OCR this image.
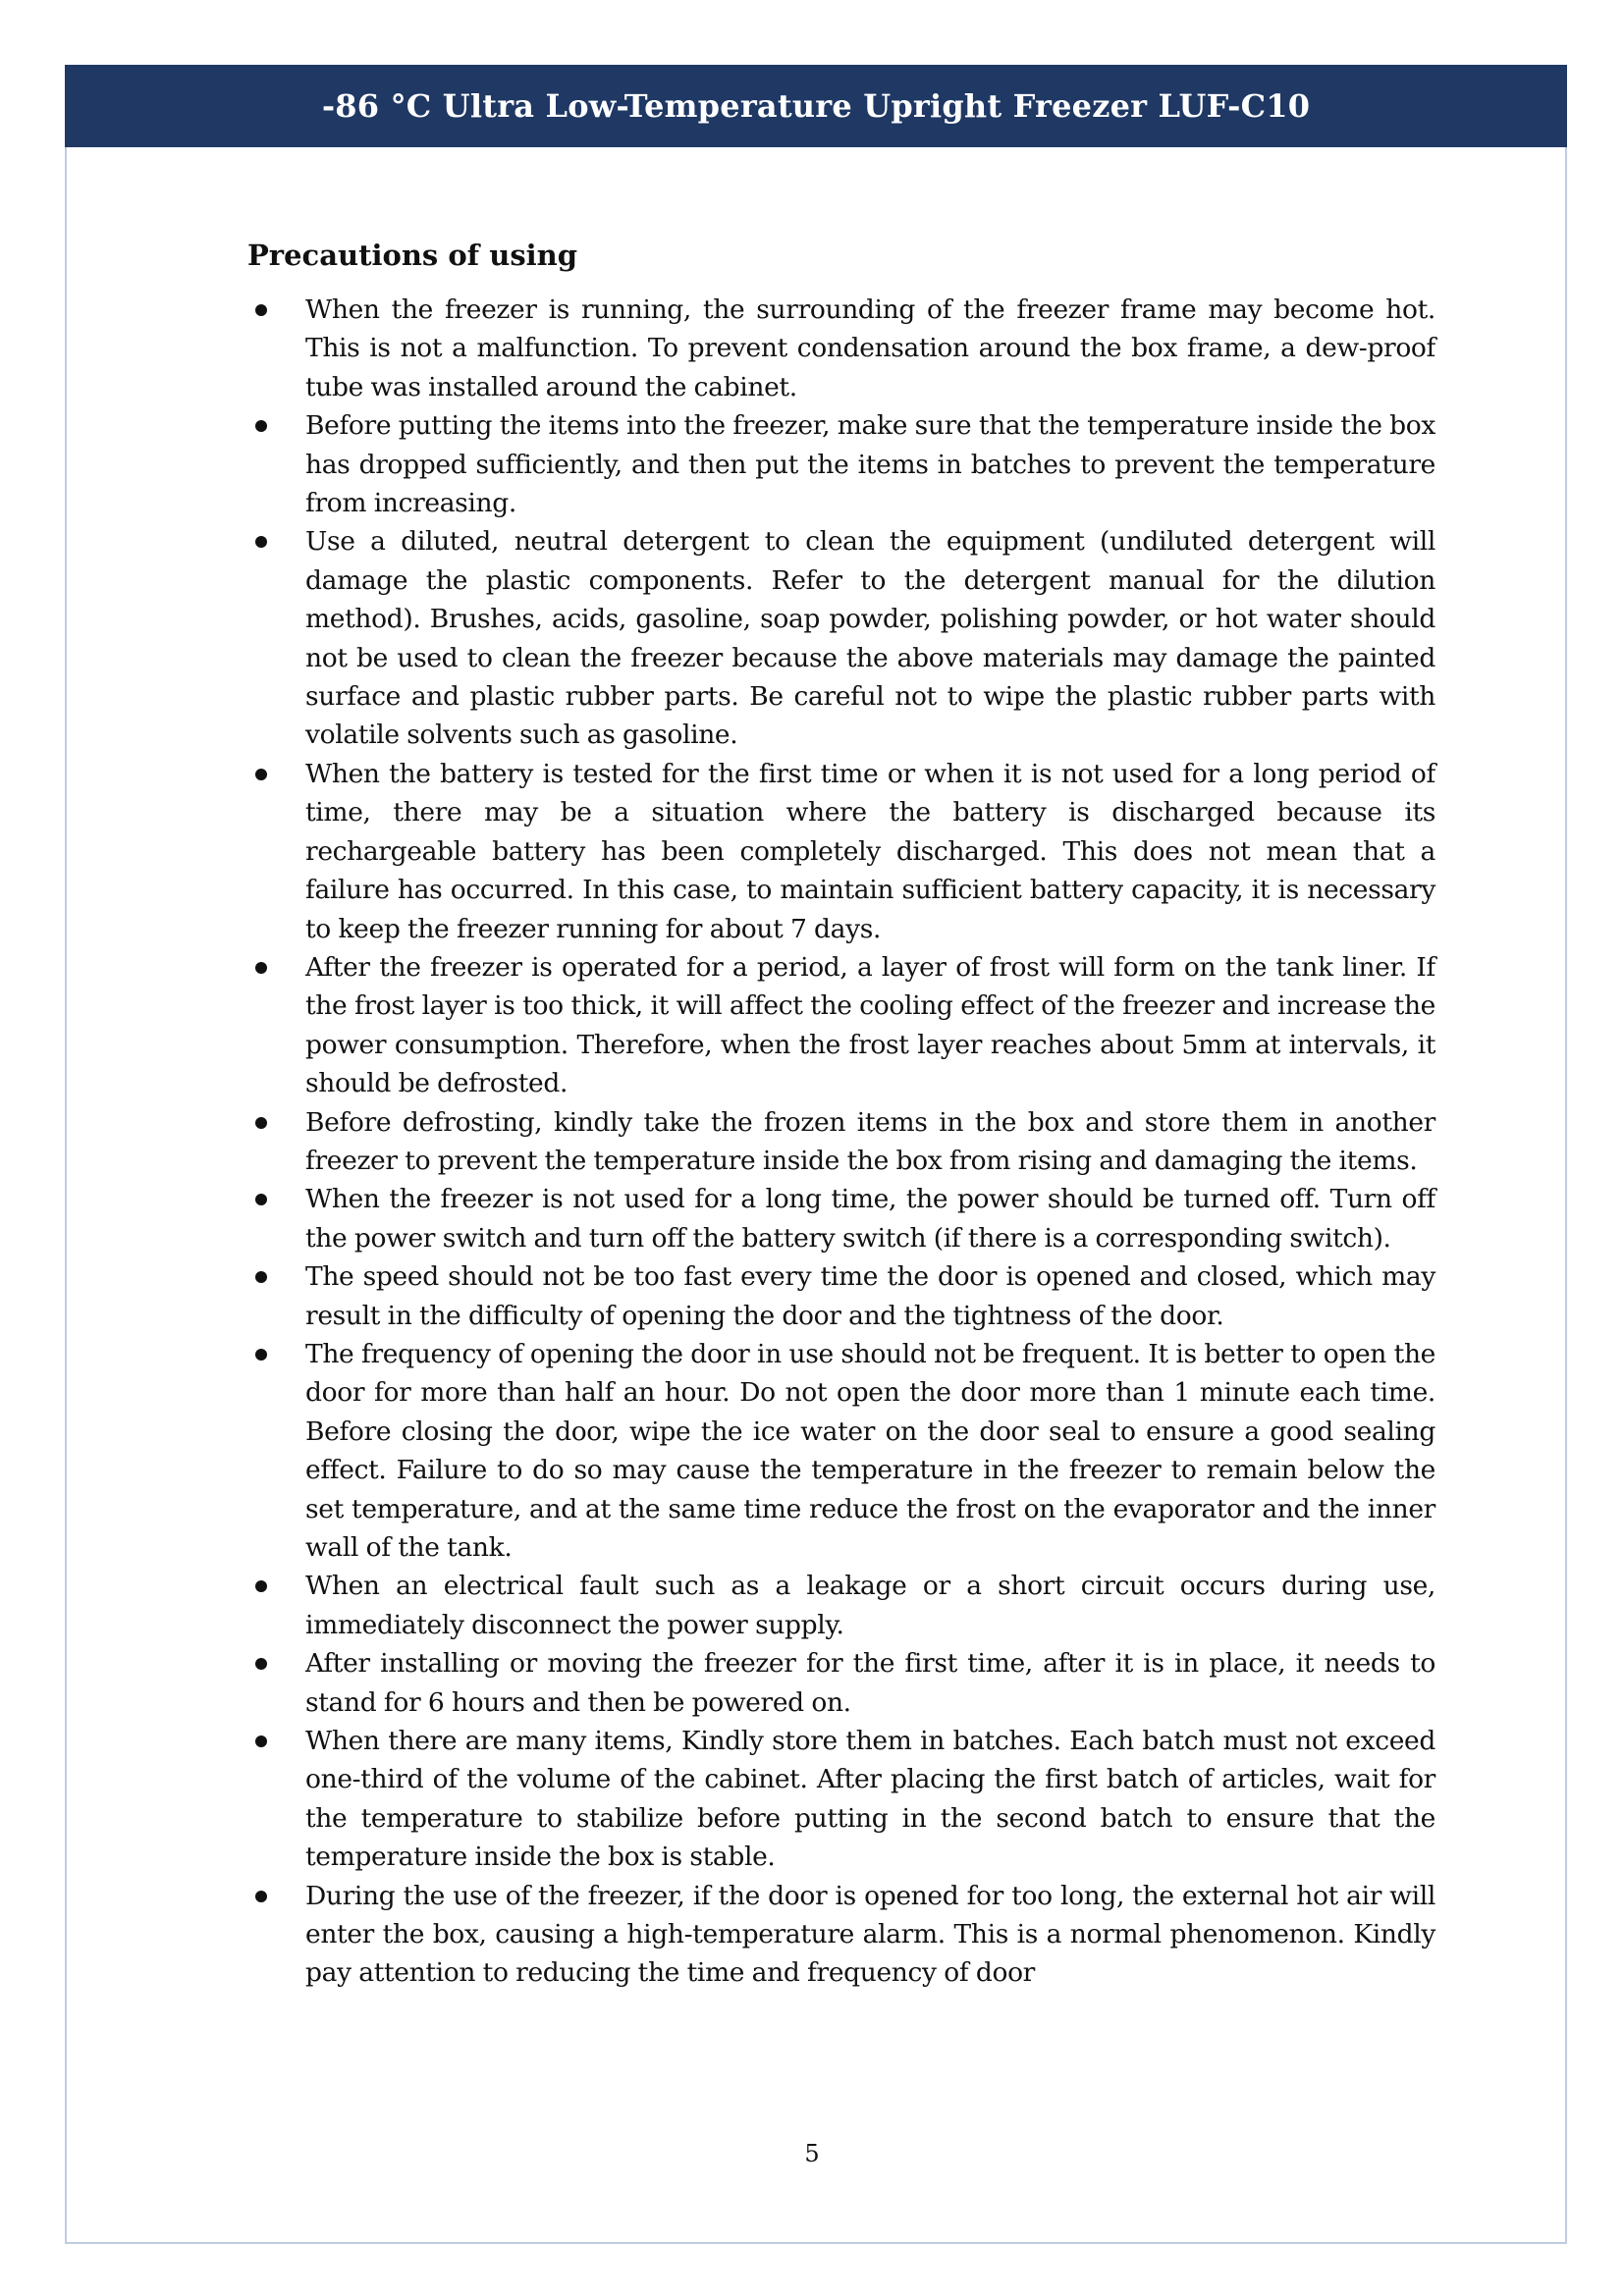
-86 °C Ultra Low-Temperature Upright Freezer LUF-C10
Precautions of using
When the freezer is running, the surrounding of the freezer frame may become hot. This is not a malfunction. To prevent condensation around the box frame, a dew-proof tube was installed around the cabinet.
Before putting the items into the freezer, make sure that the temperature inside the box has dropped sufficiently, and then put the items in batches to prevent the temperature from increasing.
Use a diluted, neutral detergent to clean the equipment (undiluted detergent will damage the plastic components. Refer to the detergent manual for the dilution method). Brushes, acids, gasoline, soap powder, polishing powder, or hot water should not be used to clean the freezer because the above materials may damage the painted surface and plastic rubber parts. Be careful not to wipe the plastic rubber parts with volatile solvents such as gasoline.
When the battery is tested for the first time or when it is not used for a long period of time, there may be a situation where the battery is discharged because its rechargeable battery has been completely discharged. This does not mean that a failure has occurred. In this case, to maintain sufficient battery capacity, it is necessary to keep the freezer running for about 7 days.
After the freezer is operated for a period, a layer of frost will form on the tank liner. If the frost layer is too thick, it will affect the cooling effect of the freezer and increase the power consumption. Therefore, when the frost layer reaches about 5mm at intervals, it should be defrosted.
Before defrosting, kindly take the frozen items in the box and store them in another freezer to prevent the temperature inside the box from rising and damaging the items.
When the freezer is not used for a long time, the power should be turned off. Turn off the power switch and turn off the battery switch (if there is a corresponding switch).
The speed should not be too fast every time the door is opened and closed, which may result in the difficulty of opening the door and the tightness of the door.
The frequency of opening the door in use should not be frequent. It is better to open the door for more than half an hour. Do not open the door more than 1 minute each time. Before closing the door, wipe the ice water on the door seal to ensure a good sealing effect. Failure to do so may cause the temperature in the freezer to remain below the set temperature, and at the same time reduce the frost on the evaporator and the inner wall of the tank.
When an electrical fault such as a leakage or a short circuit occurs during use, immediately disconnect the power supply.
After installing or moving the freezer for the first time, after it is in place, it needs to stand for 6 hours and then be powered on.
When there are many items, Kindly store them in batches. Each batch must not exceed one-third of the volume of the cabinet. After placing the first batch of articles, wait for the temperature to stabilize before putting in the second batch to ensure that the temperature inside the box is stable.
During the use of the freezer, if the door is opened for too long, the external hot air will enter the box, causing a high-temperature alarm. This is a normal phenomenon. Kindly pay attention to reducing the time and frequency of door
5
